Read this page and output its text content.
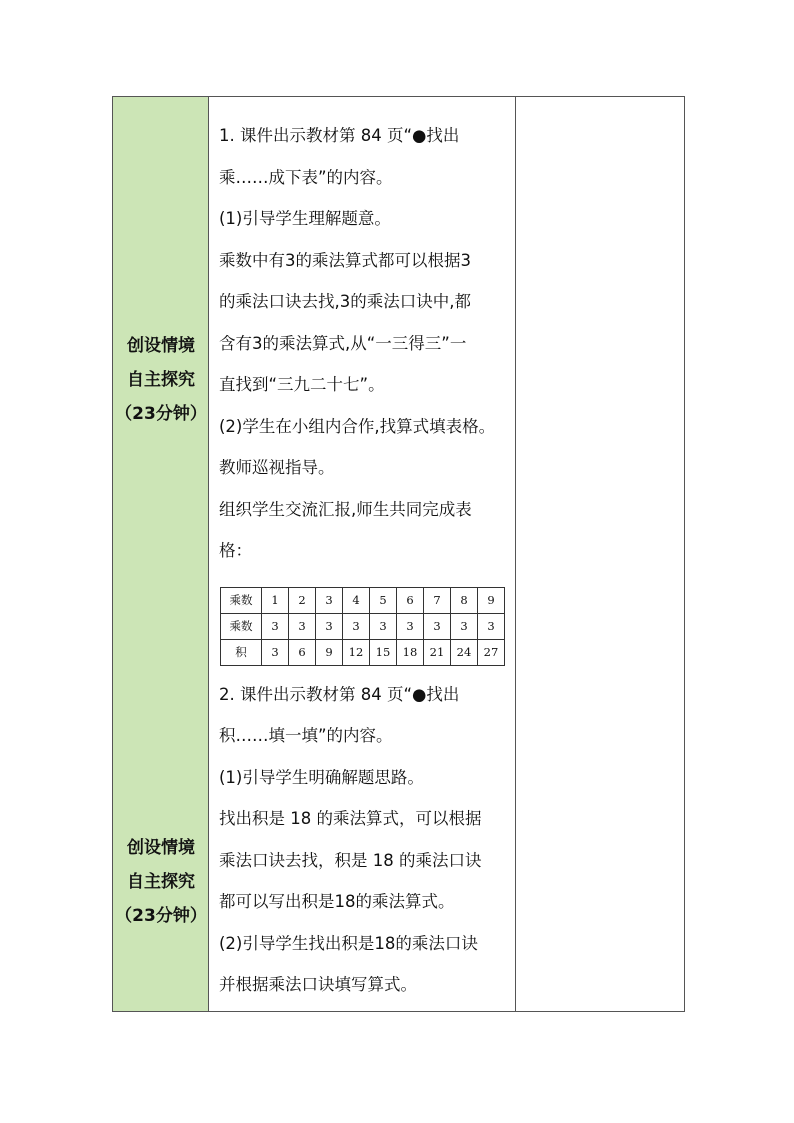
创设情境
自主探究
（23分钟）
创设情境
自主探究
（23分钟）

1. 课件出示教材第 84 页“●找出

乘……成下表”的内容。

(1)引导学生理解题意。

乘数中有3的乘法算式都可以根据3

的乘法口诀去找,3的乘法口诀中,都

含有3的乘法算式,从“一三得三”一

直找到“三九二十七”。

(2)学生在小组内合作,找算式填表格。

教师巡视指导。

组织学生交流汇报,师生共同完成表

格：

乘数	1	2	3	4	5	6	7	8	9
乘数	3	3	3	3	3	3	3	3	3
积	3	6	9	12	15	18	21	24	27

2. 课件出示教材第 84 页“●找出

积……填一填”的内容。

(1)引导学生明确解题思路。

找出积是 18 的乘法算式，可以根据

乘法口诀去找，积是 18 的乘法口诀

都可以写出积是18的乘法算式。

(2)引导学生找出积是18的乘法口诀

并根据乘法口诀填写算式。
